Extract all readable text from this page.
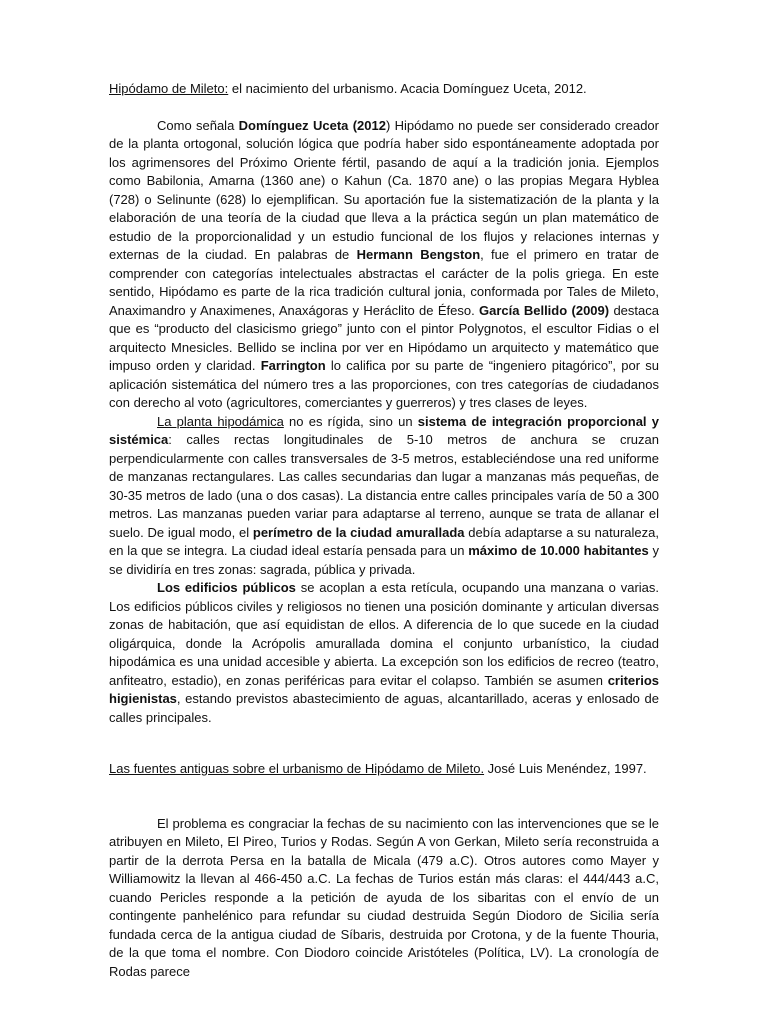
Hipódamo de Mileto: el nacimiento del urbanismo. Acacia Domínguez Uceta, 2012.

Como señala Domínguez Uceta (2012) Hipódamo no puede ser considerado creador de la planta ortogonal, solución lógica que podría haber sido espontáneamente adoptada por los agrimensores del Próximo Oriente fértil, pasando de aquí a la tradición jonia. Ejemplos como Babilonia, Amarna (1360 ane) o Kahun (Ca. 1870 ane) o las propias Megara Hyblea (728) o Selinunte (628) lo ejemplifican. Su aportación fue la sistematización de la planta y la elaboración de una teoría de la ciudad que lleva a la práctica según un plan matemático de estudio de la proporcionalidad y un estudio funcional de los flujos y relaciones internas y externas de la ciudad. En palabras de Hermann Bengston, fue el primero en tratar de comprender con categorías intelectuales abstractas el carácter de la polis griega. En este sentido, Hipódamo es parte de la rica tradición cultural jonia, conformada por Tales de Mileto, Anaximandro y Anaximenes, Anaxágoras y Heráclito de Éfeso. García Bellido (2009) destaca que es “producto del clasicismo griego” junto con el pintor Polygnotos, el escultor Fidias o el arquitecto Mnesicles. Bellido se inclina por ver en Hipódamo un arquitecto y matemático que impuso orden y claridad. Farrington lo califica por su parte de “ingeniero pitagórico”, por su aplicación sistemática del número tres a las proporciones, con tres categorías de ciudadanos con derecho al voto (agricultores, comerciantes y guerreros) y tres clases de leyes.

La planta hipodámica no es rígida, sino un sistema de integración proporcional y sistémica: calles rectas longitudinales de 5-10 metros de anchura se cruzan perpendicularmente con calles transversales de 3-5 metros, estableciéndose una red uniforme de manzanas rectangulares. Las calles secundarias dan lugar a manzanas más pequeñas, de 30-35 metros de lado (una o dos casas). La distancia entre calles principales varía de 50 a 300 metros. Las manzanas pueden variar para adaptarse al terreno, aunque se trata de allanar el suelo. De igual modo, el perímetro de la ciudad amurallada debía adaptarse a su naturaleza, en la que se integra. La ciudad ideal estaría pensada para un máximo de 10.000 habitantes y se dividiría en tres zonas: sagrada, pública y privada.

Los edificios públicos se acoplan a esta retícula, ocupando una manzana o varias. Los edificios públicos civiles y religiosos no tienen una posición dominante y articulan diversas zonas de habitación, que así equidistan de ellos. A diferencia de lo que sucede en la ciudad oligárquica, donde la Acrópolis amurallada domina el conjunto urbanístico, la ciudad hipodámica es una unidad accesible y abierta. La excepción son los edificios de recreo (teatro, anfiteatro, estadio), en zonas periféricas para evitar el colapso. También se asumen criterios higienistas, estando previstos abastecimiento de aguas, alcantarillado, aceras y enlosado de calles principales.

Las fuentes antiguas sobre el urbanismo de Hipódamo de Mileto. José Luis Menéndez, 1997.

El problema es congraciar la fechas de su nacimiento con las intervenciones que se le atribuyen en Mileto, El Pireo, Turios y Rodas. Según A von Gerkan, Mileto sería reconstruida a partir de la derrota Persa en la batalla de Micala (479 a.C). Otros autores como Mayer y Williamowitz la llevan al 466-450 a.C. La fechas de Turios están más claras: el 444/443 a.C, cuando Pericles responde a la petición de ayuda de los sibaritas con el envío de un contingente panhelénico para refundar su ciudad destruida Según Diodoro de Sicilia sería fundada cerca de la antigua ciudad de Síbaris, destruida por Crotona, y de la fuente Thouria, de la que toma el nombre. Con Diodoro coincide Aristóteles (Política, LV). La cronología de Rodas parece
